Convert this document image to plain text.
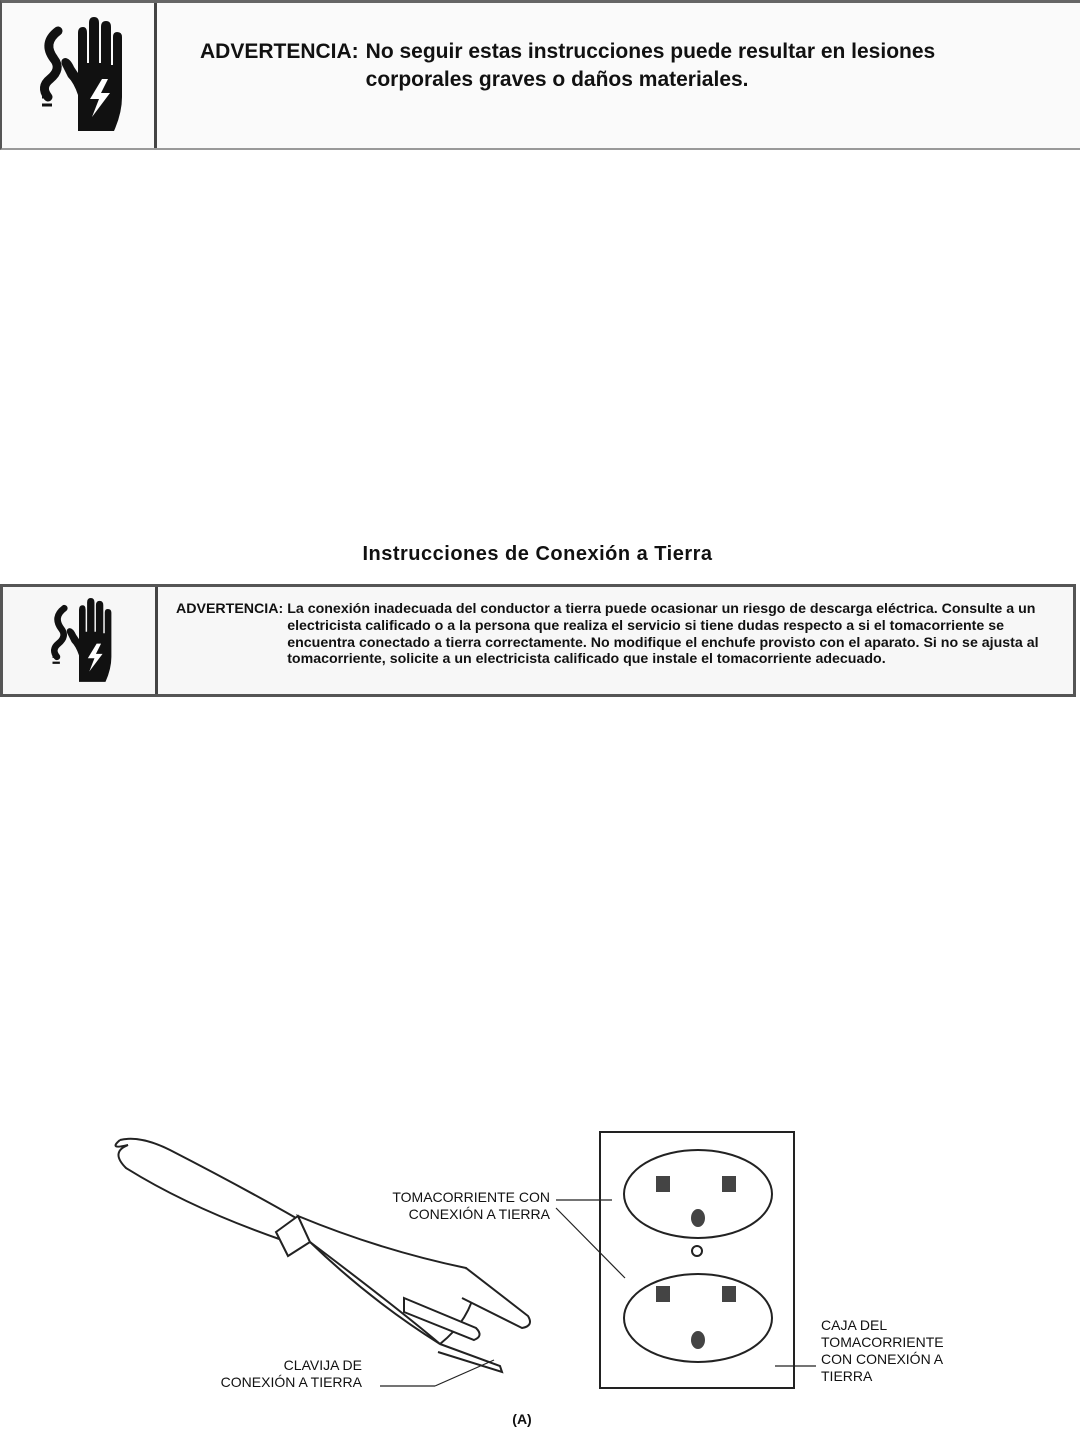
ADVERTENCIA: No seguir estas instrucciones puede resultar en lesiones corporales graves o daños materiales.
Instrucciones de Conexión a Tierra
ADVERTENCIA: La conexión inadecuada del conductor a tierra puede ocasionar un riesgo de descarga eléctrica. Consulte a un electricista calificado o a la persona que realiza el servicio si tiene dudas respecto a si el tomacorriente se encuentra conectado a tierra correctamente. No modifique el enchufe provisto con el aparato. Si no se ajusta al tomacorriente, solicite a un electricista calificado que instale el tomacorriente adecuado.
TOMACORRIENTE CON
CONEXIÓN A TIERRA
CLAVIJA DE
CONEXIÓN A TIERRA
CAJA DEL
TOMACORRIENTE
CON CONEXIÓN A
TIERRA
(A)
